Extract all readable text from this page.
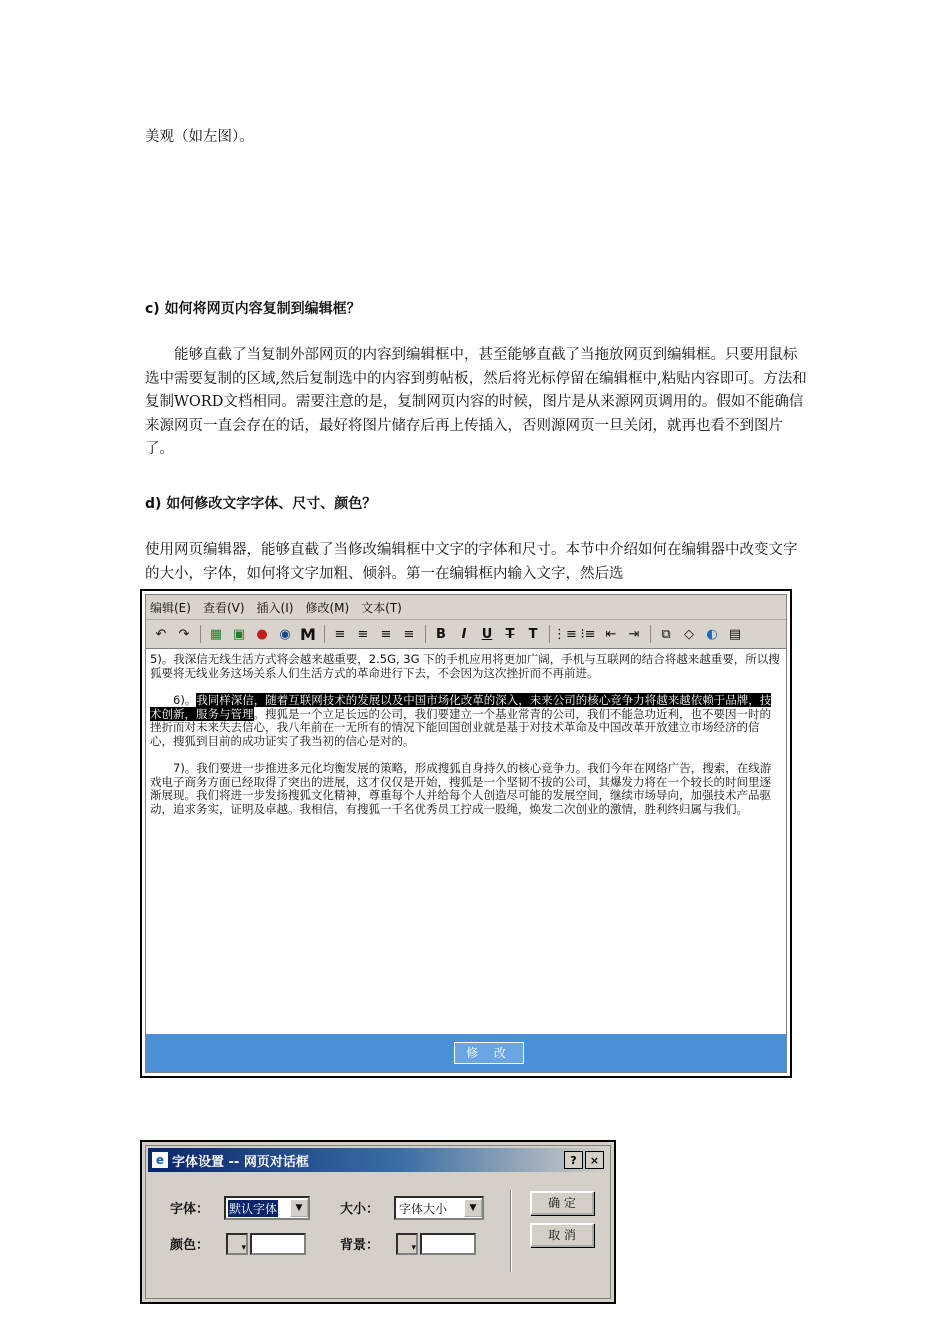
美观（如左图）。
c) 如何将网页内容复制到编辑框？

能够直截了当复制外部网页的内容到编辑框中，甚至能够直截了当拖放网页到编辑框。只要用鼠标选中需要复制的区域,然后复制选中的内容到剪帖板，然后将光标停留在编辑框中,粘贴内容即可。方法和复制WORD文档相同。需要注意的是，复制网页内容的时候，图片是从来源网页调用的。假如不能确信来源网页一直会存在的话，最好将图片储存后再上传插入，否则源网页一旦关闭，就再也看不到图片了。

d) 如何修改文字字体、尺寸、颜色？

使用网页编辑器，能够直截了当修改编辑框中文字的字体和尺寸。本节中介绍如何在编辑器中改变文字的大小，字体，如何将文字加粗、倾斜。第一在编辑框内输入文字，然后选

编辑(E) 查看(V) 插入(I) 修改(M) 文本(T)
↶ ↷	▦ ▣ ● ◉ M	≡ ≡ ≡ ≡	B	I	U	T	T	⋮≡ ⁝≡ ⇤ ⇥	⧉	◇ ◐ ▤

5)。我深信无线生活方式将会越来越重要，2.5G, 3G 下的手机应用将更加广阔，手机与互联网的结合将越来越重要，所以搜狐要将无线业务这场关系人们生活方式的革命进行下去，不会因为这次挫折而不再前进。

6)。我同样深信，随着互联网技术的发展以及中国市场化改革的深入，未来公司的核心竞争力将越来越依赖于品牌，技术创新，服务与管理。搜狐是一个立足长远的公司，我们要建立一个基业常青的公司，我们不能急功近利，也不要因一时的挫折而对未来失去信心，我八年前在一无所有的情况下能回国创业就是基于对技术革命及中国改革开放建立市场经济的信心，搜狐到目前的成功证实了我当初的信心是对的。

7)。我们要进一步推进多元化均衡发展的策略，形成搜狐自身持久的核心竞争力。我们今年在网络广告，搜索，在线游戏电子商务方面已经取得了突出的进展，这才仅仅是开始，搜狐是一个坚韧不拔的公司，其爆发力将在一个较长的时间里逐渐展现。我们将进一步发扬搜狐文化精神，尊重每个人并给每个人创造尽可能的发展空间，继续市场导向，加强技术产品驱动，追求务实，证明及卓越。我相信，有搜狐一千名优秀员工拧成一股绳，焕发二次创业的激情，胜利终归属与我们。

修 改
e 字体设置 -- 网页对话框	?	×
字体： 默认字体	▼	大小： 字体大小	▼
颜色：	▾	背景：	▾
确 定
取 消
